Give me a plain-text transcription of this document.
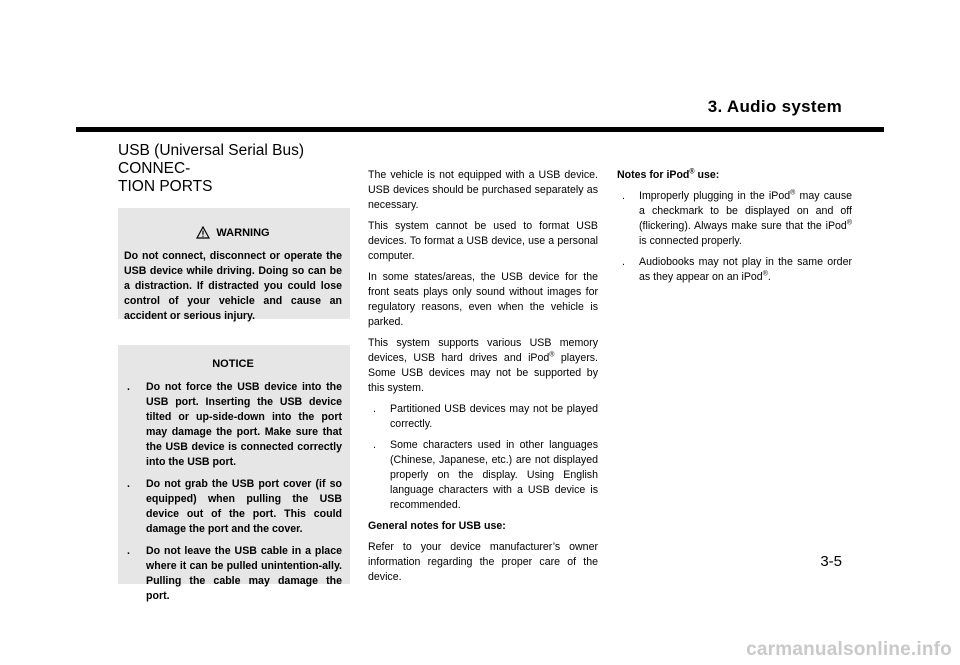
3. Audio system
USB (Universal Serial Bus) CONNEC-
TION PORTS
WARNING
Do not connect, disconnect or operate the USB device while driving. Doing so can be a distraction. If distracted you could lose control of your vehicle and cause an accident or serious injury.
NOTICE
.	Do not force the USB device into the USB port. Inserting the USB device tilted or up-side-down into the port may damage the port. Make sure that the USB device is connected correctly into the USB port.
.	Do not grab the USB port cover (if so equipped) when pulling the USB device out of the port. This could damage the port and the cover.
.	Do not leave the USB cable in a place where it can be pulled unintention-ally. Pulling the cable may damage the port.

The vehicle is not equipped with a USB device. USB devices should be purchased separately as necessary.

This system cannot be used to format USB devices. To format a USB device, use a personal computer.

In some states/areas, the USB device for the front seats plays only sound without images for regulatory reasons, even when the vehicle is parked.

This system supports various USB memory devices, USB hard drives and iPod® players. Some USB devices may not be supported by this system.

.	Partitioned USB devices may not be played correctly.
.	Some characters used in other languages (Chinese, Japanese, etc.) are not displayed properly on the display. Using English language characters with a USB device is recommended.
General notes for USB use:

Refer to your device manufacturer’s owner information regarding the proper care of the device.

Notes for iPod® use:
.	Improperly plugging in the iPod® may cause a checkmark to be displayed on and off (flickering). Always make sure that the iPod® is connected properly.
.	Audiobooks may not play in the same order as they appear on an iPod®.
3-5
carmanualsonline.info
